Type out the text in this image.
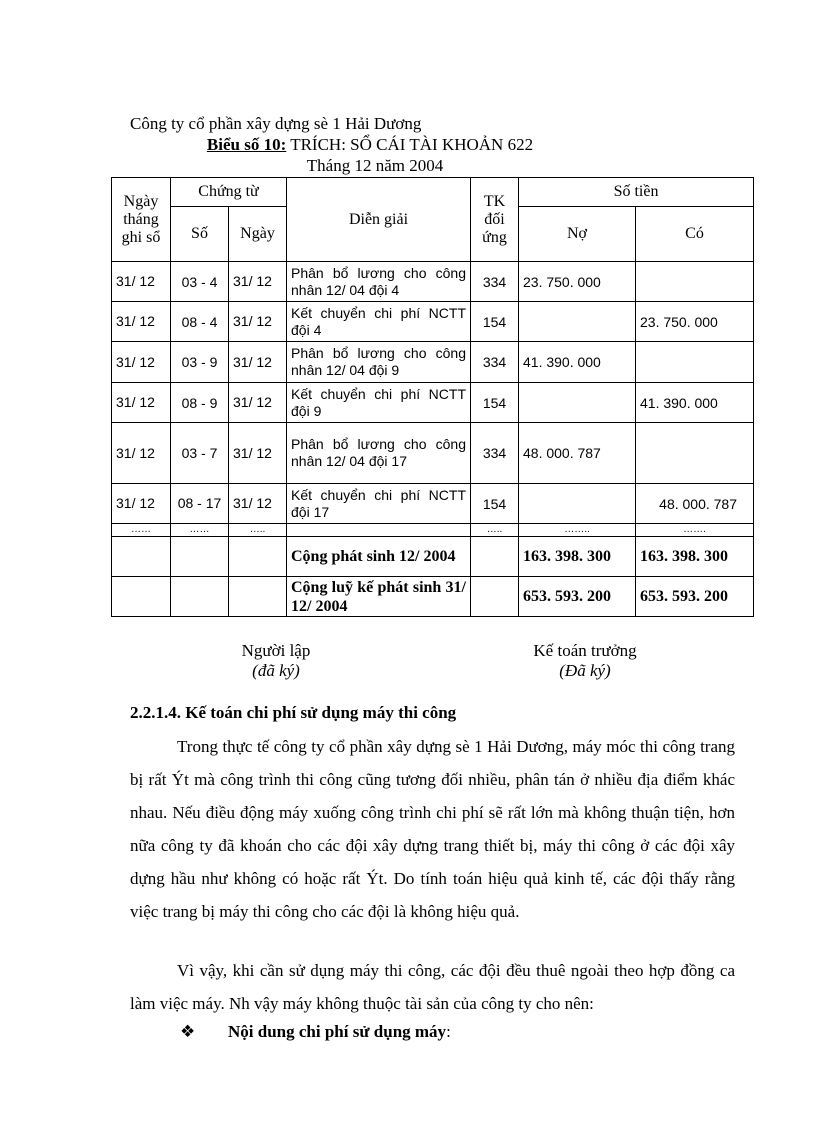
Công ty cổ phần xây dựng sè 1 Hải Dương
Biểu số 10: TRÍCH: SỔ CÁI TÀI KHOẢN 622
Tháng 12 năm 2004
Ngày tháng ghi sổ	Chứng từ		Diễn giải	TK đối ứng	Số tiền	
	Số	Ngày			Nợ	Có
31/ 12	03 - 4	31/ 12	Phân bổ lương cho công nhân 12/ 04 đội 4	334	23. 750. 000	
31/ 12	08 - 4	31/ 12	Kết chuyển chi phí NCTT đội 4	154		23. 750. 000
31/ 12	03 - 9	31/ 12	Phân bổ lương cho công nhân 12/ 04 đội 9	334	41. 390. 000	
31/ 12	08 - 9	31/ 12	Kết chuyển chi phí NCTT đội 9	154		41. 390. 000
31/ 12	03 - 7	31/ 12	Phân bổ lương cho công nhân 12/ 04 đội 17	334	48. 000. 787	
31/ 12	08 - 17	31/ 12	Kết chuyển chi phí NCTT đội 17	154		48. 000. 787
……	……	…..		…..	……..	…….
			Cộng phát sinh 12/ 2004		163. 398. 300	163. 398. 300
			Cộng luỹ kế phát sinh 31/ 12/ 2004		653. 593. 200	653. 593. 200
Người lập
(đã ký)
Kế toán trưởng
(Đã ký)
2.2.1.4. Kế toán chi phí sử dụng máy thi công
Trong thực tế công ty cổ phần xây dựng sè 1 Hải Dương, máy móc thi công trang bị rất Ýt mà công trình thi công cũng tương đối nhiều, phân tán ở nhiều địa điểm khác nhau. Nếu điều động máy xuống công trình chi phí sẽ rất lớn mà không thuận tiện, hơn nữa công ty đã khoán cho các đội xây dựng trang thiết bị, máy thi công ở các đội xây dựng hầu như không có hoặc rất Ýt. Do tính toán hiệu quả kinh tế, các đội thấy rằng việc trang bị máy thi công cho các đội là không hiệu quả.
Vì vậy, khi cần sử dụng máy thi công, các đội đều thuê ngoài theo hợp đồng ca làm việc máy. Nh vậy máy không thuộc tài sản của công ty cho nên:
❖ Nội dung chi phí sử dụng máy:
